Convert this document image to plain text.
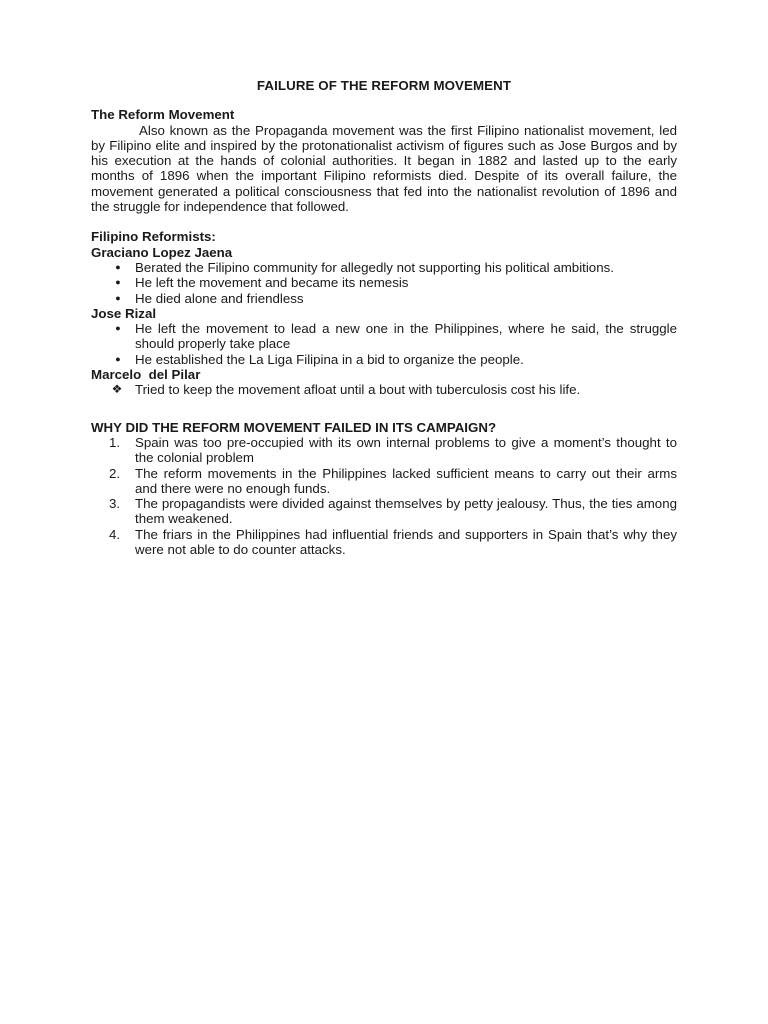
FAILURE OF THE REFORM MOVEMENT

The Reform Movement

Also known as the Propaganda movement was the first Filipino nationalist movement, led by Filipino elite and inspired by the protonationalist activism of figures such as Jose Burgos and by his execution at the hands of colonial authorities. It began in 1882 and lasted up to the early months of 1896 when the important Filipino reformists died. Despite of its overall failure, the movement generated a political consciousness that fed into the nationalist revolution of 1896 and the struggle for independence that followed.

Filipino Reformists:

Graciano Lopez Jaena

●	Berated the Filipino community for allegedly not supporting his political ambitions.
●	He left the movement and became its nemesis
●	He died alone and friendless

Jose Rizal

●	He left the movement to lead a new one in the Philippines, where he said, the struggle should properly take place
●	He established the La Liga Filipina in a bid to organize the people.

Marcelo  del Pilar

❖ Tried to keep the movement afloat until a bout with tuberculosis cost his life.

WHY DID THE REFORM MOVEMENT FAILED IN ITS CAMPAIGN?

1. Spain was too pre-occupied with its own internal problems to give a moment’s thought to the colonial problem
2. The reform movements in the Philippines lacked sufficient means to carry out their arms and there were no enough funds.
3. The propagandists were divided against themselves by petty jealousy. Thus, the ties among them weakened.
4. The friars in the Philippines had influential friends and supporters in Spain that’s why they were not able to do counter attacks.
